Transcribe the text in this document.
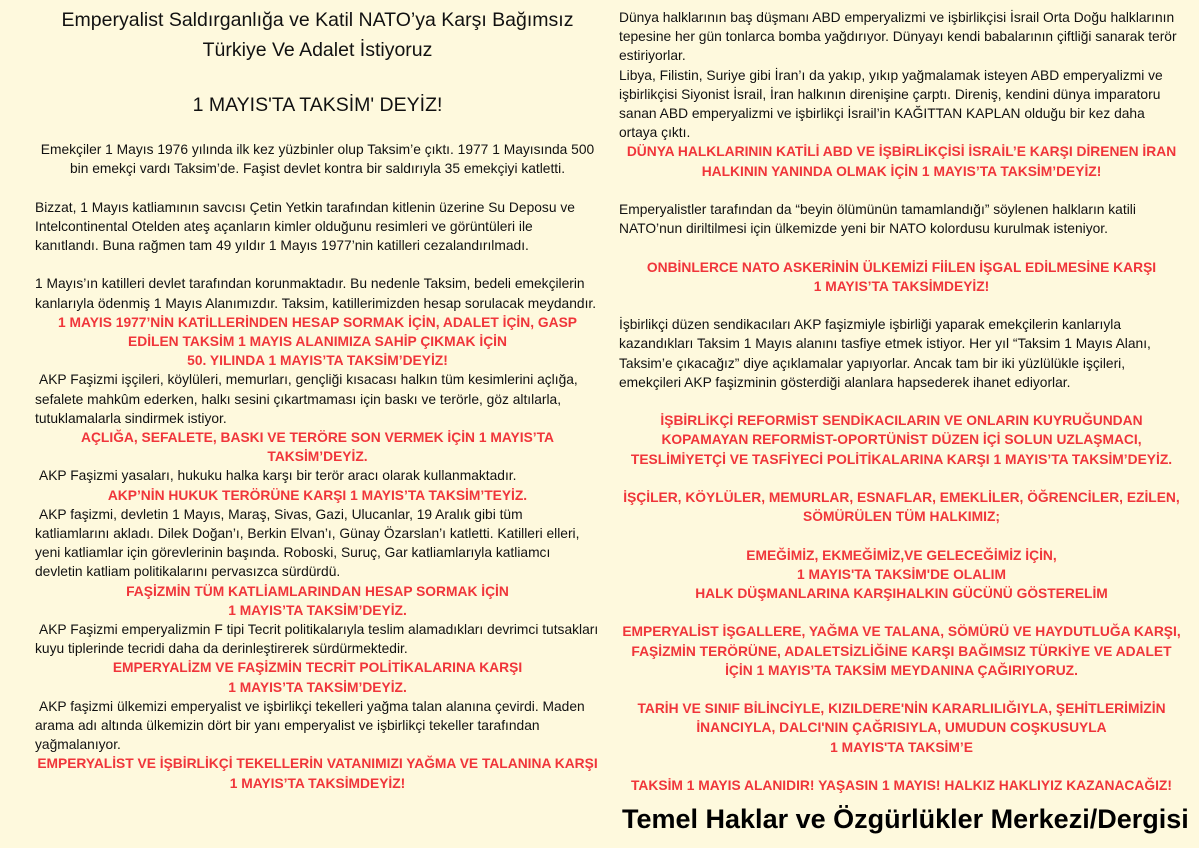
Emperyalist Saldırganlığa ve Katil NATO’ya Karşı Bağımsız
Türkiye Ve Adalet İstiyoruz
1 MAYIS'TA TAKSİM' DEYİZ!

Emekçiler 1 Mayıs 1976 yılında ilk kez yüzbinler olup Taksim’e çıktı. 1977 1 Mayısında 500 bin emekçi vardı Taksim’de. Faşist devlet kontra bir saldırıyla 35 emekçiyi katletti.

Bizzat, 1 Mayıs katliamının savcısı Çetin Yetkin tarafından kitlenin üzerine Su Deposu ve Intelcontinental Otelden ateş açanların kimler olduğunu resimleri ve görüntüleri ile kanıtlandı. Buna rağmen tam 49 yıldır 1 Mayıs 1977’nin katilleri cezalandırılmadı.

1 Mayıs’ın katilleri devlet tarafından korunmaktadır. Bu nedenle Taksim, bedeli emekçilerin kanlarıyla ödenmiş 1 Mayıs Alanımızdır. Taksim, katillerimizden hesap sorulacak meydandır.

1 MAYIS 1977’NİN KATİLLERİNDEN HESAP SORMAK İÇİN, ADALET İÇİN, GASP EDİLEN TAKSİM 1 MAYIS ALANIMIZA SAHİP ÇIKMAK İÇİN

50. YILINDA 1 MAYIS’TA TAKSİM’DEYİZ!

AKP Faşizmi işçileri, köylüleri, memurları, gençliği kısacası halkın tüm kesimlerini açlığa, sefalete mahkûm ederken, halkı sesini çıkartmaması için baskı ve terörle, göz altılarla, tutuklamalarla sindirmek istiyor.

AÇLIĞA, SEFALETE, BASKI VE TERÖRE SON VERMEK İÇİN 1 MAYIS’TA TAKSİM’DEYİZ.

AKP Faşizmi yasaları, hukuku halka karşı bir terör aracı olarak kullanmaktadır.

AKP’NİN HUKUK TERÖRÜNE KARŞI 1 MAYIS’TA TAKSİM’TEYİZ.

AKP faşizmi, devletin 1 Mayıs, Maraş, Sivas, Gazi, Ulucanlar, 19 Aralık gibi tüm katliamlarını akladı. Dilek Doğan’ı, Berkin Elvan’ı, Günay Özarslan’ı katletti. Katilleri elleri, yeni katliamlar için görevlerinin başında. Roboski, Suruç, Gar katliamlarıyla katliamcı devletin katliam politikalarını pervasızca sürdürdü.

FAŞİZMİN TÜM KATLİAMLARINDAN HESAP SORMAK İÇİN

1 MAYIS’TA TAKSİM’DEYİZ.

AKP Faşizmi emperyalizmin F tipi Tecrit politikalarıyla teslim alamadıkları devrimci tutsakları kuyu tiplerinde tecridi daha da derinleştirerek sürdürmektedir.

EMPERYALİZM VE FAŞİZMİN TECRİT POLİTİKALARINA KARŞI

1 MAYIS’TA TAKSİM’DEYİZ.

AKP faşizmi ülkemizi emperyalist ve işbirlikçi tekelleri yağma talan alanına çevirdi. Maden arama adı altında ülkemizin dört bir yanı emperyalist ve işbirlikçi tekeller tarafından yağmalanıyor.

EMPERYALİST VE İŞBİRLİKÇİ TEKELLERİN VATANIMIZI YAĞMA VE TALANINA KARŞI 1 MAYIS’TA TAKSİMDEYİZ!

Dünya halklarının baş düşmanı ABD emperyalizmi ve işbirlikçisi İsrail Orta Doğu halklarının tepesine her gün tonlarca bomba yağdırıyor. Dünyayı kendi babalarının çiftliği sanarak terör estiriyorlar.

Libya, Filistin, Suriye gibi İran’ı da yakıp, yıkıp yağmalamak isteyen ABD emperyalizmi ve işbirlikçisi Siyonist İsrail, İran halkının direnişine çarptı. Direniş, kendini dünya imparatoru sanan ABD emperyalizmi ve işbirlikçi İsrail’in KAĞITTAN KAPLAN olduğu bir kez daha ortaya çıktı.

DÜNYA HALKLARININ KATİLİ ABD VE İŞBİRLİKÇİSİ İSRAİL’E KARŞI DİRENEN İRAN HALKININ YANINDA OLMAK İÇİN 1 MAYIS’TA TAKSİM’DEYİZ!

Emperyalistler tarafından da “beyin ölümünün tamamlandığı” söylenen halkların katili NATO’nun diriltilmesi için ülkemizde yeni bir NATO kolordusu kurulmak isteniyor.

ONBİNLERCE NATO ASKERİNİN ÜLKEMİZİ FİİLEN İŞGAL EDİLMESİNE KARŞI

1 MAYIS’TA TAKSİMDEYİZ!

İşbirlikçi düzen sendikacıları AKP faşizmiyle işbirliği yaparak emekçilerin kanlarıyla kazandıkları Taksim 1 Mayıs alanını tasfiye etmek istiyor. Her yıl “Taksim 1 Mayıs Alanı, Taksim’e çıkacağız” diye açıklamalar yapıyorlar. Ancak tam bir iki yüzlülükle işçileri, emekçileri AKP faşizminin gösterdiği alanlara hapsederek ihanet ediyorlar.

İŞBİRLİKÇİ REFORMİST SENDİKACILARIN VE ONLARIN KUYRUĞUNDAN KOPAMAYAN REFORMİST-OPORTÜNİST DÜZEN İÇİ SOLUN UZLAŞMACI, TESLİMİYETÇİ VE TASFİYECİ POLİTİKALARINA KARŞI 1 MAYIS’TA TAKSİM’DEYİZ.

İŞÇİLER, KÖYLÜLER, MEMURLAR, ESNAFLAR, EMEKLİLER, ÖĞRENCİLER, EZİLEN, SÖMÜRÜLEN TÜM HALKIMIZ;

EMEĞİMİZ, EKMEĞİMİZ,VE GELECEĞİMİZ İÇİN,

1 MAYIS'TA TAKSİM'DE OLALIM

HALK DÜŞMANLARINA KARŞIHALKIN GÜCÜNÜ GÖSTERELİM

EMPERYALİST İŞGALLERE, YAĞMA VE TALANA, SÖMÜRÜ VE HAYDUTLUĞA KARŞI, FAŞİZMİN TERÖRÜNE, ADALETSİZLİĞİNE KARŞI BAĞIMSIZ TÜRKİYE VE ADALET İÇİN 1 MAYIS’TA TAKSİM MEYDANINA ÇAĞIRIYORUZ.

TARİH VE SINIF BİLİNCİYLE, KIZILDERE'NİN KARARLILIĞIYLA, ŞEHİTLERİMİZİN İNANCIYLA, DALCI'NIN ÇAĞRISIYLA, UMUDUN COŞKUSUYLA

1 MAYIS'TA TAKSİM’E

TAKSİM 1 MAYIS ALANIDIR! YAŞASIN 1 MAYIS! HALKIZ HAKLIYIZ KAZANACAĞIZ!

Temel Haklar ve Özgürlükler Merkezi/Dergisi
